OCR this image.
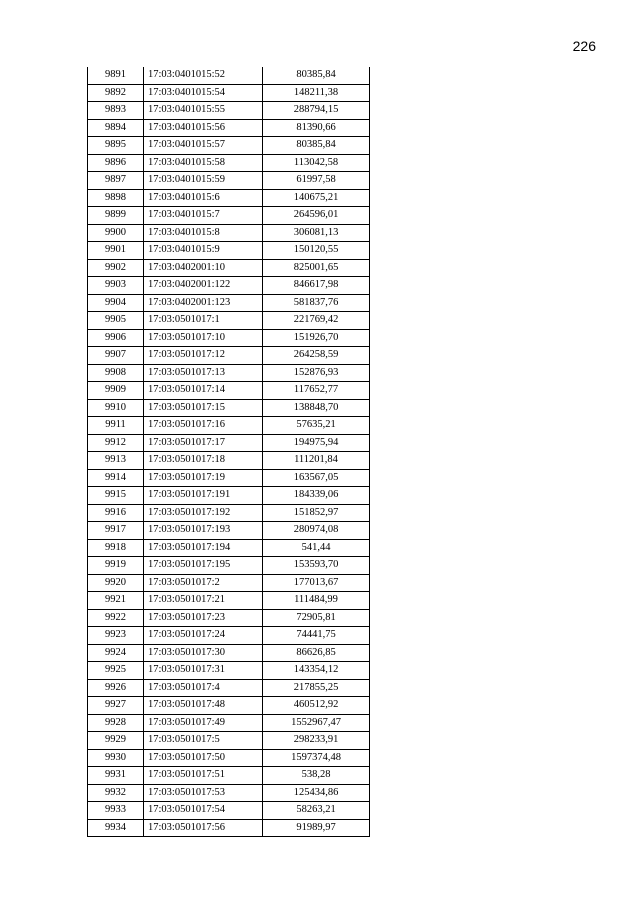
226
9891	17:03:0401015:52	80385,84
9892	17:03:0401015:54	148211,38
9893	17:03:0401015:55	288794,15
9894	17:03:0401015:56	81390,66
9895	17:03:0401015:57	80385,84
9896	17:03:0401015:58	113042,58
9897	17:03:0401015:59	61997,58
9898	17:03:0401015:6	140675,21
9899	17:03:0401015:7	264596,01
9900	17:03:0401015:8	306081,13
9901	17:03:0401015:9	150120,55
9902	17:03:0402001:10	825001,65
9903	17:03:0402001:122	846617,98
9904	17:03:0402001:123	581837,76
9905	17:03:0501017:1	221769,42
9906	17:03:0501017:10	151926,70
9907	17:03:0501017:12	264258,59
9908	17:03:0501017:13	152876,93
9909	17:03:0501017:14	117652,77
9910	17:03:0501017:15	138848,70
9911	17:03:0501017:16	57635,21
9912	17:03:0501017:17	194975,94
9913	17:03:0501017:18	111201,84
9914	17:03:0501017:19	163567,05
9915	17:03:0501017:191	184339,06
9916	17:03:0501017:192	151852,97
9917	17:03:0501017:193	280974,08
9918	17:03:0501017:194	541,44
9919	17:03:0501017:195	153593,70
9920	17:03:0501017:2	177013,67
9921	17:03:0501017:21	111484,99
9922	17:03:0501017:23	72905,81
9923	17:03:0501017:24	74441,75
9924	17:03:0501017:30	86626,85
9925	17:03:0501017:31	143354,12
9926	17:03:0501017:4	217855,25
9927	17:03:0501017:48	460512,92
9928	17:03:0501017:49	1552967,47
9929	17:03:0501017:5	298233,91
9930	17:03:0501017:50	1597374,48
9931	17:03:0501017:51	538,28
9932	17:03:0501017:53	125434,86
9933	17:03:0501017:54	58263,21
9934	17:03:0501017:56	91989,97
